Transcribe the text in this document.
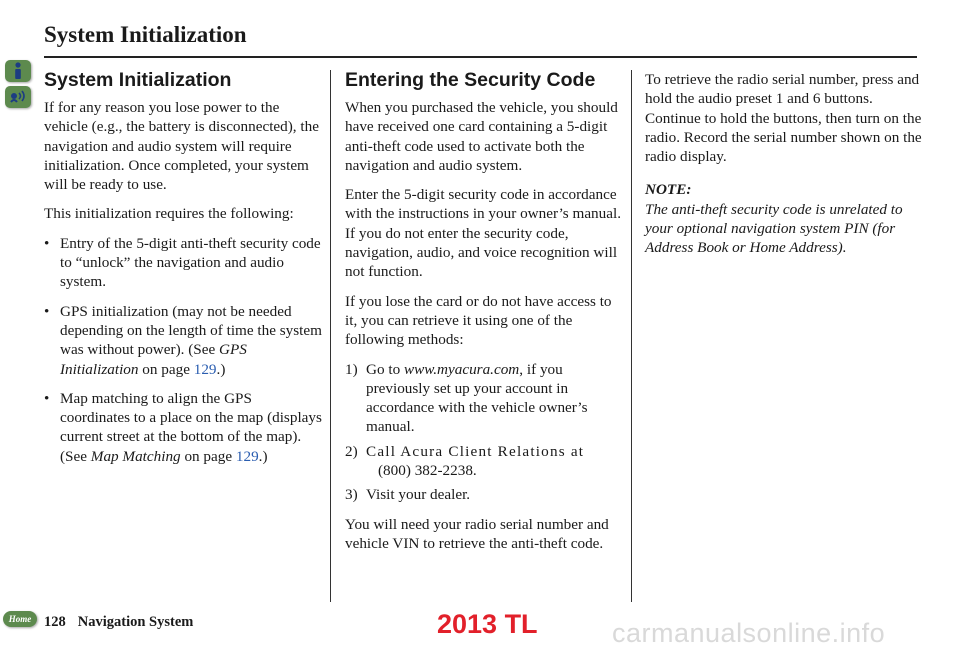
System Initialization
System Initialization

If for any reason you lose power to the vehicle (e.g., the battery is disconnected), the navigation and audio system will require initialization. Once completed, your system will be ready to use.

This initialization requires the following:

• Entry of the 5-digit anti-theft security code to “unlock” the navigation and audio system.
• GPS initialization (may not be needed depending on the length of time the system was without power). (See GPS Initialization on page 129.)
• Map matching to align the GPS coordinates to a place on the map (displays current street at the bottom of the map). (See Map Matching on page 129.)
Entering the Security Code

When you purchased the vehicle, you should have received one card containing a 5-digit anti-theft code used to activate both the navigation and audio system.

Enter the 5-digit security code in accordance with the instructions in your owner’s manual. If you do not enter the security code, navigation, audio, and voice recognition will not function.

If you lose the card or do not have access to it, you can retrieve it using one of the following methods:

1) Go to www.myacura.com, if you previously set up your account in accordance with the vehicle owner’s manual.
2) Call Acura Client Relations at
(800) 382-2238.
3) Visit your dealer.

You will need your radio serial number and vehicle VIN to retrieve the anti-theft code.

To retrieve the radio serial number, press and hold the audio preset 1 and 6 buttons. Continue to hold the buttons, then turn on the radio. Record the serial number shown on the radio display.

NOTE:
The anti-theft security code is unrelated to your optional navigation system PIN (for Address Book or Home Address).
Home 128 Navigation System	2013 TL	carmanualsonline.info
